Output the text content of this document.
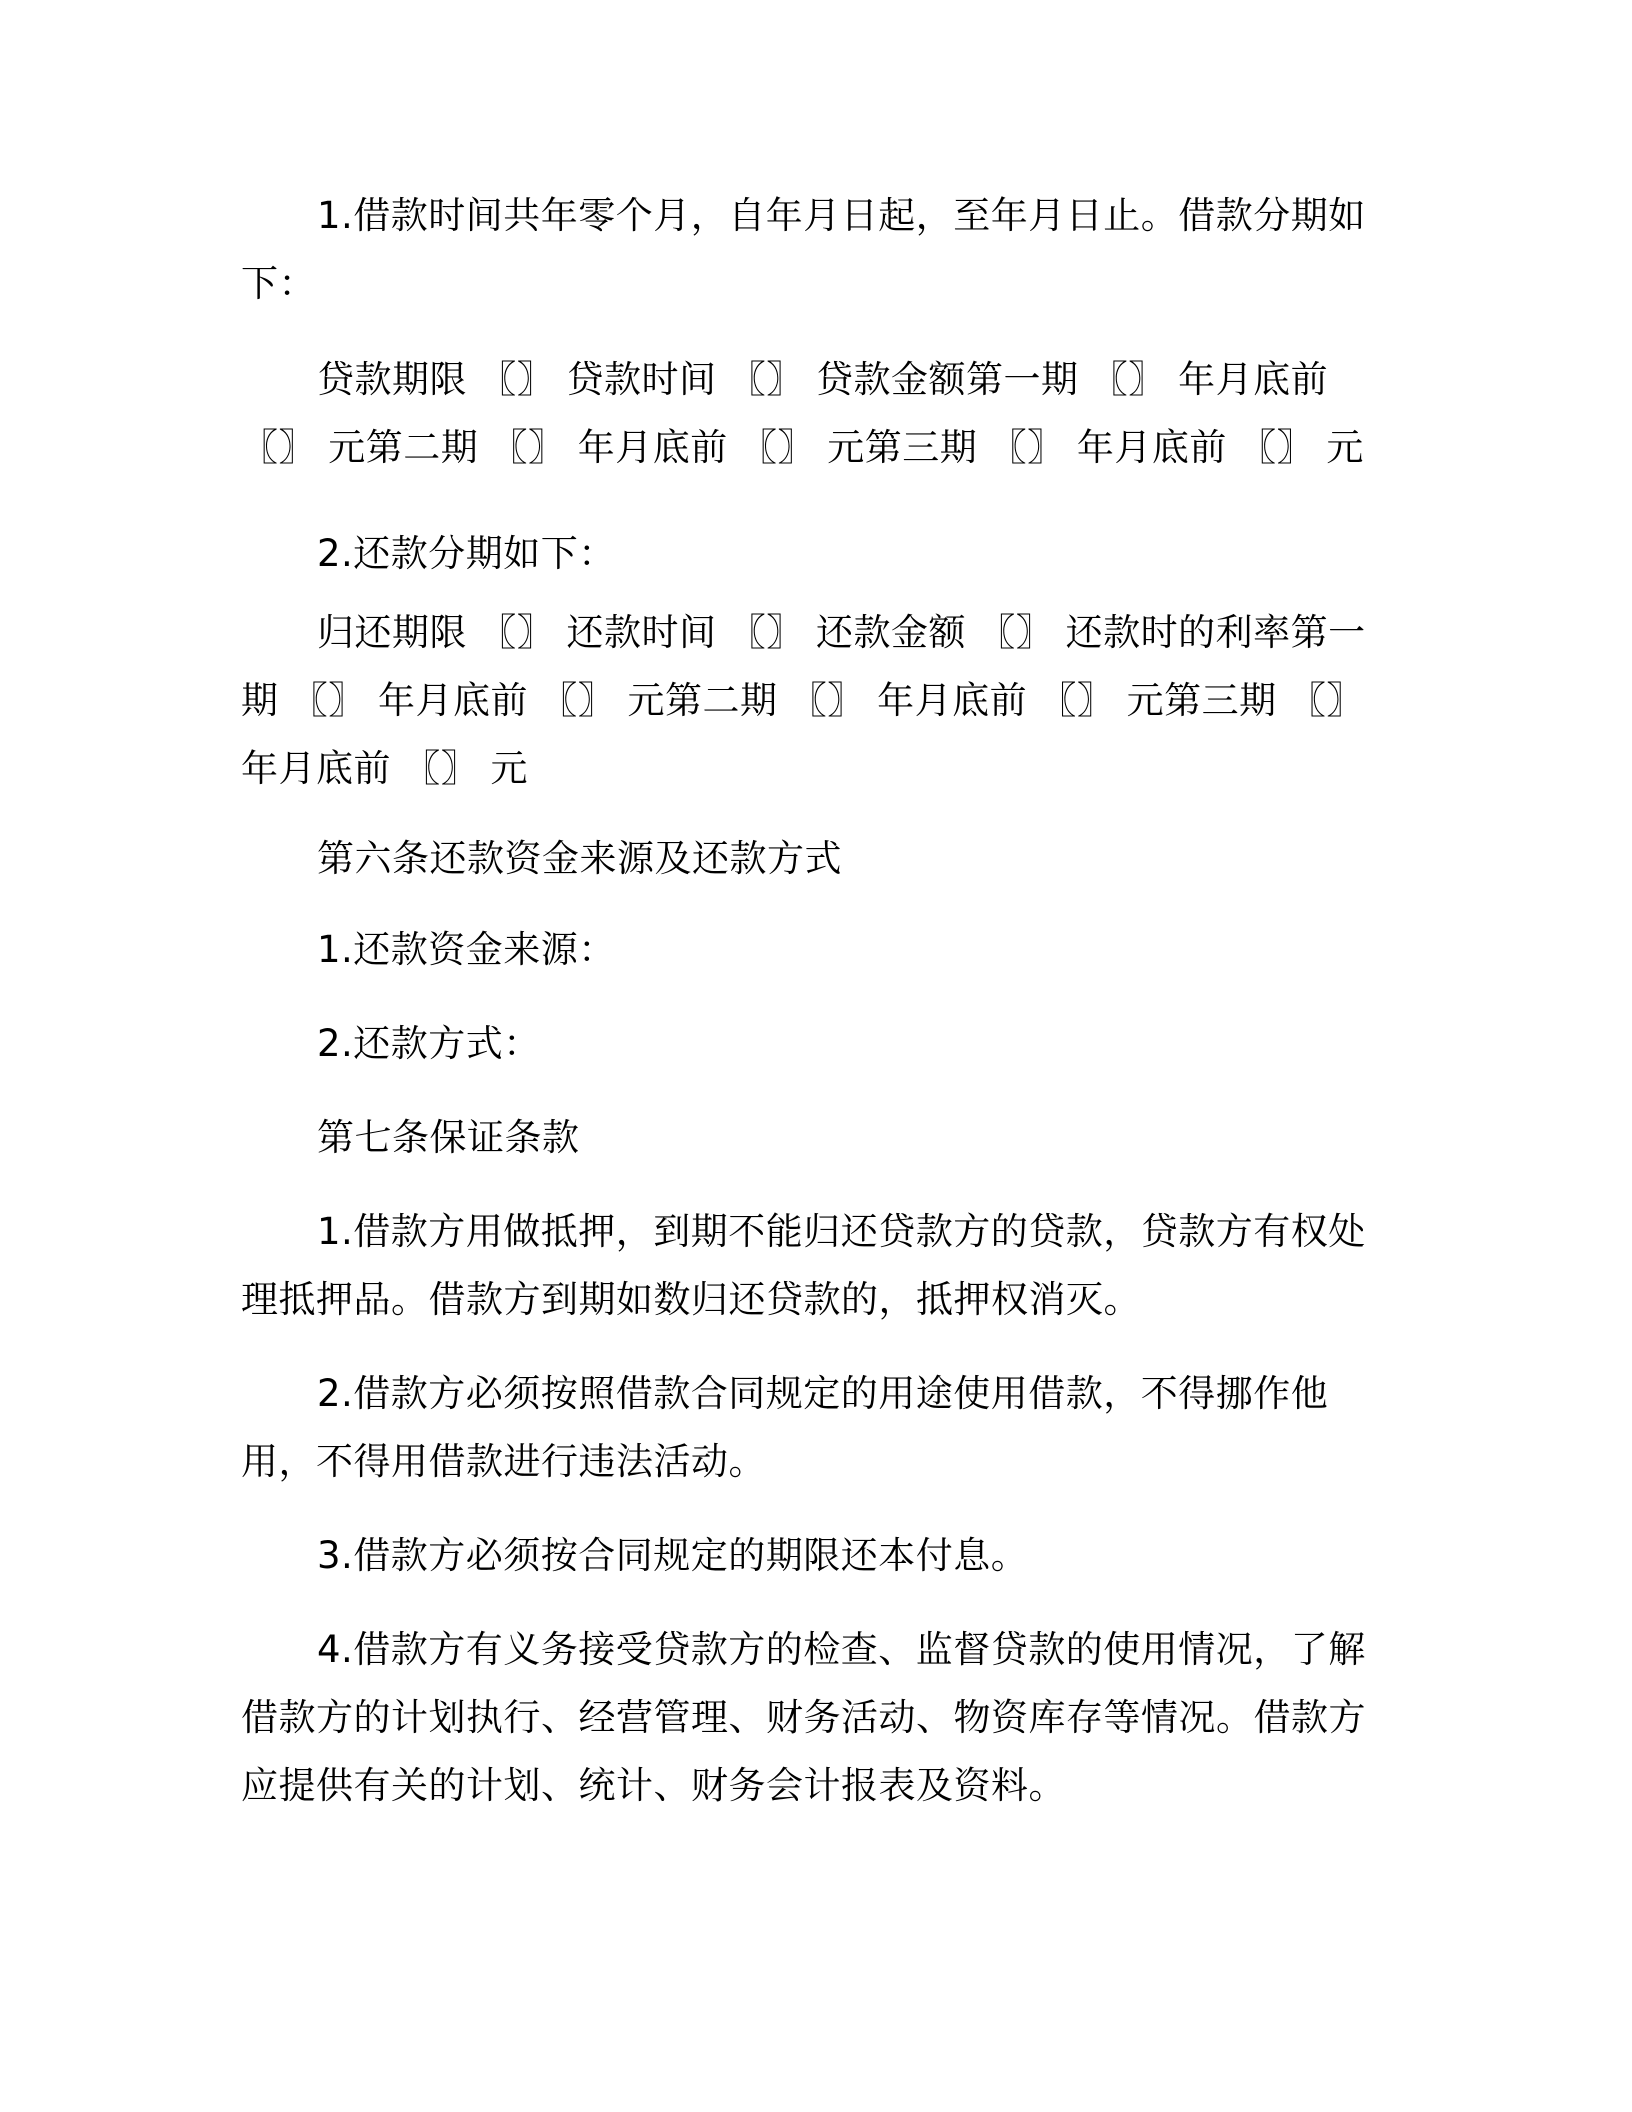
1.借款时间共年零个月，自年月日起，至年月日止。借款分期如下：

贷款期限 〖〗 贷款时间 〖〗 贷款金额第一期 〖〗 年月底前 〖〗 元第二期 〖〗 年月底前 〖〗 元第三期 〖〗 年月底前 〖〗 元

2.还款分期如下：

归还期限 〖〗 还款时间 〖〗 还款金额 〖〗 还款时的利率第一期 〖〗 年月底前 〖〗 元第二期 〖〗 年月底前 〖〗 元第三期 〖〗 年月底前 〖〗 元

第六条还款资金来源及还款方式

1.还款资金来源：

2.还款方式：

第七条保证条款

1.借款方用做抵押，到期不能归还贷款方的贷款，贷款方有权处理抵押品。借款方到期如数归还贷款的，抵押权消灭。

2.借款方必须按照借款合同规定的用途使用借款，不得挪作他用，不得用借款进行违法活动。

3.借款方必须按合同规定的期限还本付息。

4.借款方有义务接受贷款方的检查、监督贷款的使用情况，了解借款方的计划执行、经营管理、财务活动、物资库存等情况。借款方应提供有关的计划、统计、财务会计报表及资料。
